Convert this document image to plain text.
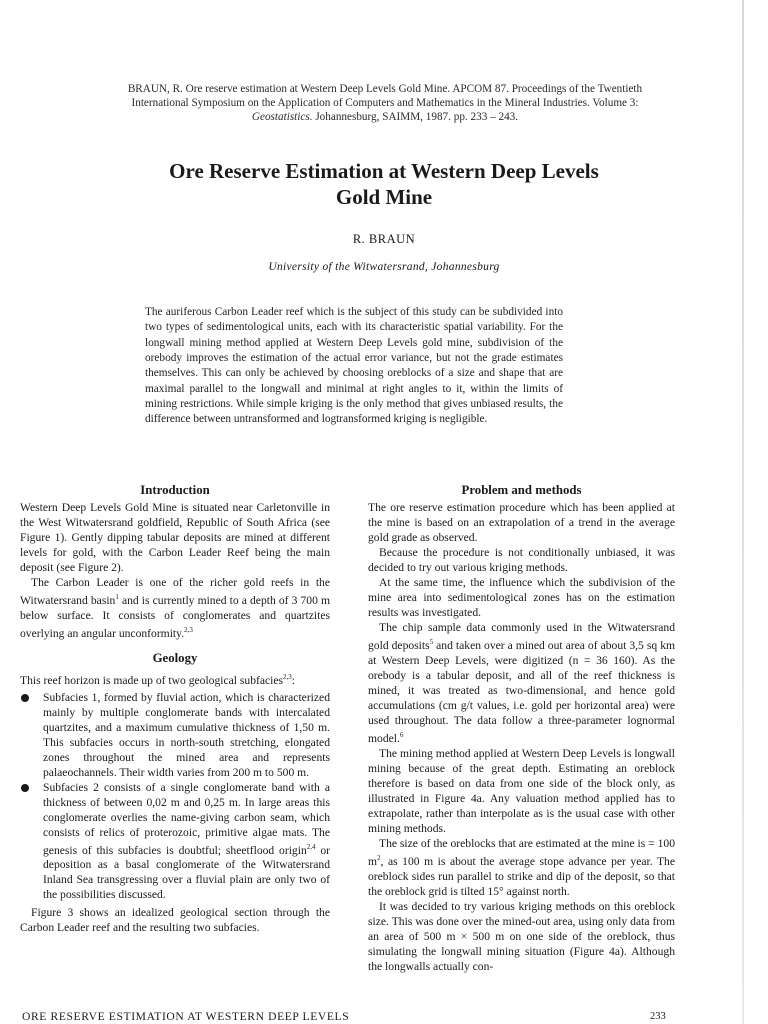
BRAUN, R. Ore reserve estimation at Western Deep Levels Gold Mine. APCOM 87. Proceedings of the Twentieth
International Symposium on the Application of Computers and Mathematics in the Mineral Industries. Volume 3:
Geostatistics. Johannesburg, SAIMM, 1987. pp. 233 – 243.
Ore Reserve Estimation at Western Deep Levels
Gold Mine
R. BRAUN
University of the Witwatersrand, Johannesburg

The auriferous Carbon Leader reef which is the subject of this study can be subdivided into two types of sedimentological units, each with its characteristic spatial variability. For the longwall mining method applied at Western Deep Levels gold mine, subdivision of the orebody improves the estimation of the actual error variance, but not the grade estimates themselves. This can only be achieved by choosing oreblocks of a size and shape that are maximal parallel to the longwall and minimal at right angles to it, within the limits of mining restrictions. While simple kriging is the only method that gives unbiased results, the difference between untransformed and logtransformed kriging is negligible.

Introduction

Western Deep Levels Gold Mine is situated near Carletonville in the West Witwatersrand goldfield, Republic of South Africa (see Figure 1). Gently dipping tabular deposits are mined at different levels for gold, with the Carbon Leader Reef being the main deposit (see Figure 2).

The Carbon Leader is one of the richer gold reefs in the Witwatersrand basin$^1$ and is currently mined to a depth of 3 700 m below surface. It consists of conglomerates and quartzites overlying an angular unconformity.$^{2,3}$

Geology

This reef horizon is made up of two geological subfacies$^{2,3}$:

Subfacies 1, formed by fluvial action, which is characterized mainly by multiple conglomerate bands with intercalated quartzites, and a maximum cumulative thickness of 1,50 m. This subfacies occurs in north-south stretching, elongated zones throughout the mined area and represents palaeochannels. Their width varies from 200 m to 500 m.
Subfacies 2 consists of a single conglomerate band with a thickness of between 0,02 m and 0,25 m. In large areas this conglomerate overlies the name-giving carbon seam, which consists of relics of proterozoic, primitive algae mats. The genesis of this subfacies is doubtful; sheetflood origin$^{2,4}$ or deposition as a basal conglomerate of the Witwatersrand Inland Sea transgressing over a fluvial plain are only two of the possibilities discussed.

Figure 3 shows an idealized geological section through the Carbon Leader reef and the resulting two subfacies.

Problem and methods

The ore reserve estimation procedure which has been applied at the mine is based on an extrapolation of a trend in the average gold grade as observed.

Because the procedure is not conditionally unbiased, it was decided to try out various kriging methods.

At the same time, the influence which the subdivision of the mine area into sedimentological zones has on the estimation results was investigated.

The chip sample data commonly used in the Witwatersrand gold deposits$^5$ and taken over a mined out area of about 3,5 sq km at Western Deep Levels, were digitized (n = 36 160). As the orebody is a tabular deposit, and all of the reef thickness is mined, it was treated as two-dimensional, and hence gold accumulations (cm g/t values, i.e. gold per horizontal area) were used throughout. The data follow a three-parameter lognormal model.$^6$

The mining method applied at Western Deep Levels is longwall mining because of the great depth. Estimating an oreblock therefore is based on data from one side of the block only, as illustrated in Figure 4a. Any valuation method applied has to extrapolate, rather than interpolate as is the usual case with other mining methods.

The size of the oreblocks that are estimated at the mine is = 100 $m^2$, as 100 m is about the average stope advance per year. The oreblock sides run parallel to strike and dip of the deposit, so that the oreblock grid is tilted 15° against north.

It was decided to try various kriging methods on this oreblock size. This was done over the mined-out area, using only data from an area of 500 m × 500 m on one side of the oreblock, thus simulating the longwall mining situation (Figure 4a). Although the longwalls actually con-

ORE RESERVE ESTIMATION AT WESTERN DEEP LEVELS	233
